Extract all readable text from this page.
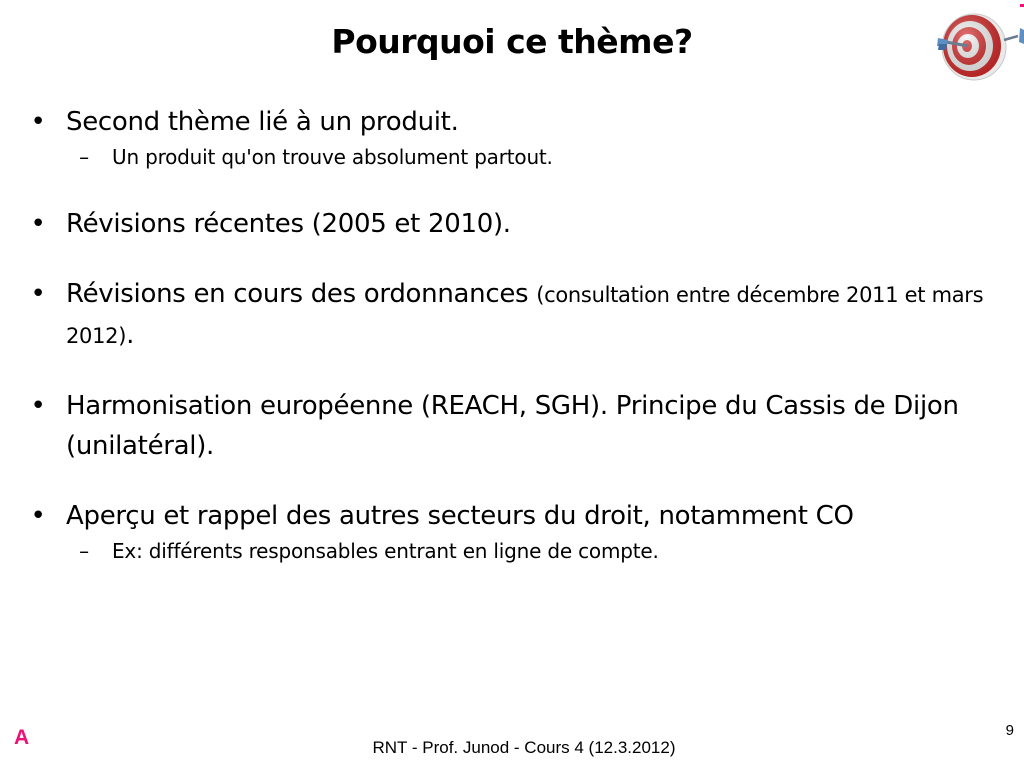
Pourquoi ce thème?
• Second thème lié à un produit.
–	Un produit qu'on trouve absolument partout.
• Révisions récentes (2005 et 2010).
• Révisions en cours des ordonnances (consultation entre décembre 2011 et mars 2012).
• Harmonisation européenne (REACH, SGH). Principe du Cassis de Dijon (unilatéral).
• Aperçu et rappel des autres secteurs du droit, notamment CO
–	Ex: différents responsables entrant en ligne de compte.
9
RNT - Prof. Junod - Cours 4 (12.3.2012)
A
